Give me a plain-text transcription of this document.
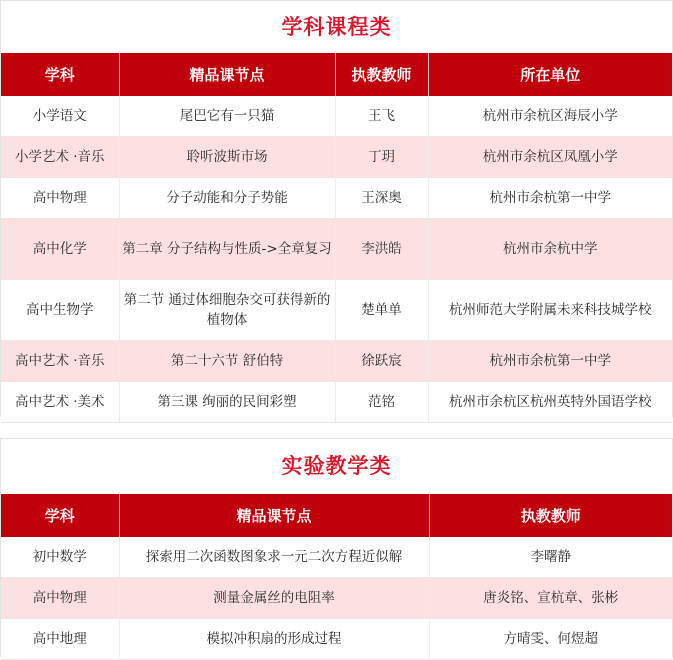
学科课程类
学科	精品课节点	执教教师	所在单位
小学语文	尾巴它有一只猫	王飞	杭州市余杭区海辰小学
小学艺术 ·音乐	聆听波斯市场	丁玥	杭州市余杭区凤凰小学
高中物理	分子动能和分子势能	王深奥	杭州市余杭第一中学
高中化学	第二章 分子结构与性质->全章复习	李洪皓	杭州市余杭中学
高中生物学	第二节 通过体细胞杂交可获得新的植物体	楚单单	杭州师范大学附属未来科技城学校
高中艺术 ·音乐	第二十六节 舒伯特	徐跃宸	杭州市余杭第一中学
高中艺术 ·美术	第三课 绚丽的民间彩塑	范铭	杭州市余杭区杭州英特外国语学校
实验教学类
学科	精品课节点	执教教师
初中数学	探索用二次函数图象求一元二次方程近似解	李曙静
高中物理	测量金属丝的电阻率	唐炎铭、宣杭章、张彬
高中地理	模拟冲积扇的形成过程	方晴雯、何煜超
